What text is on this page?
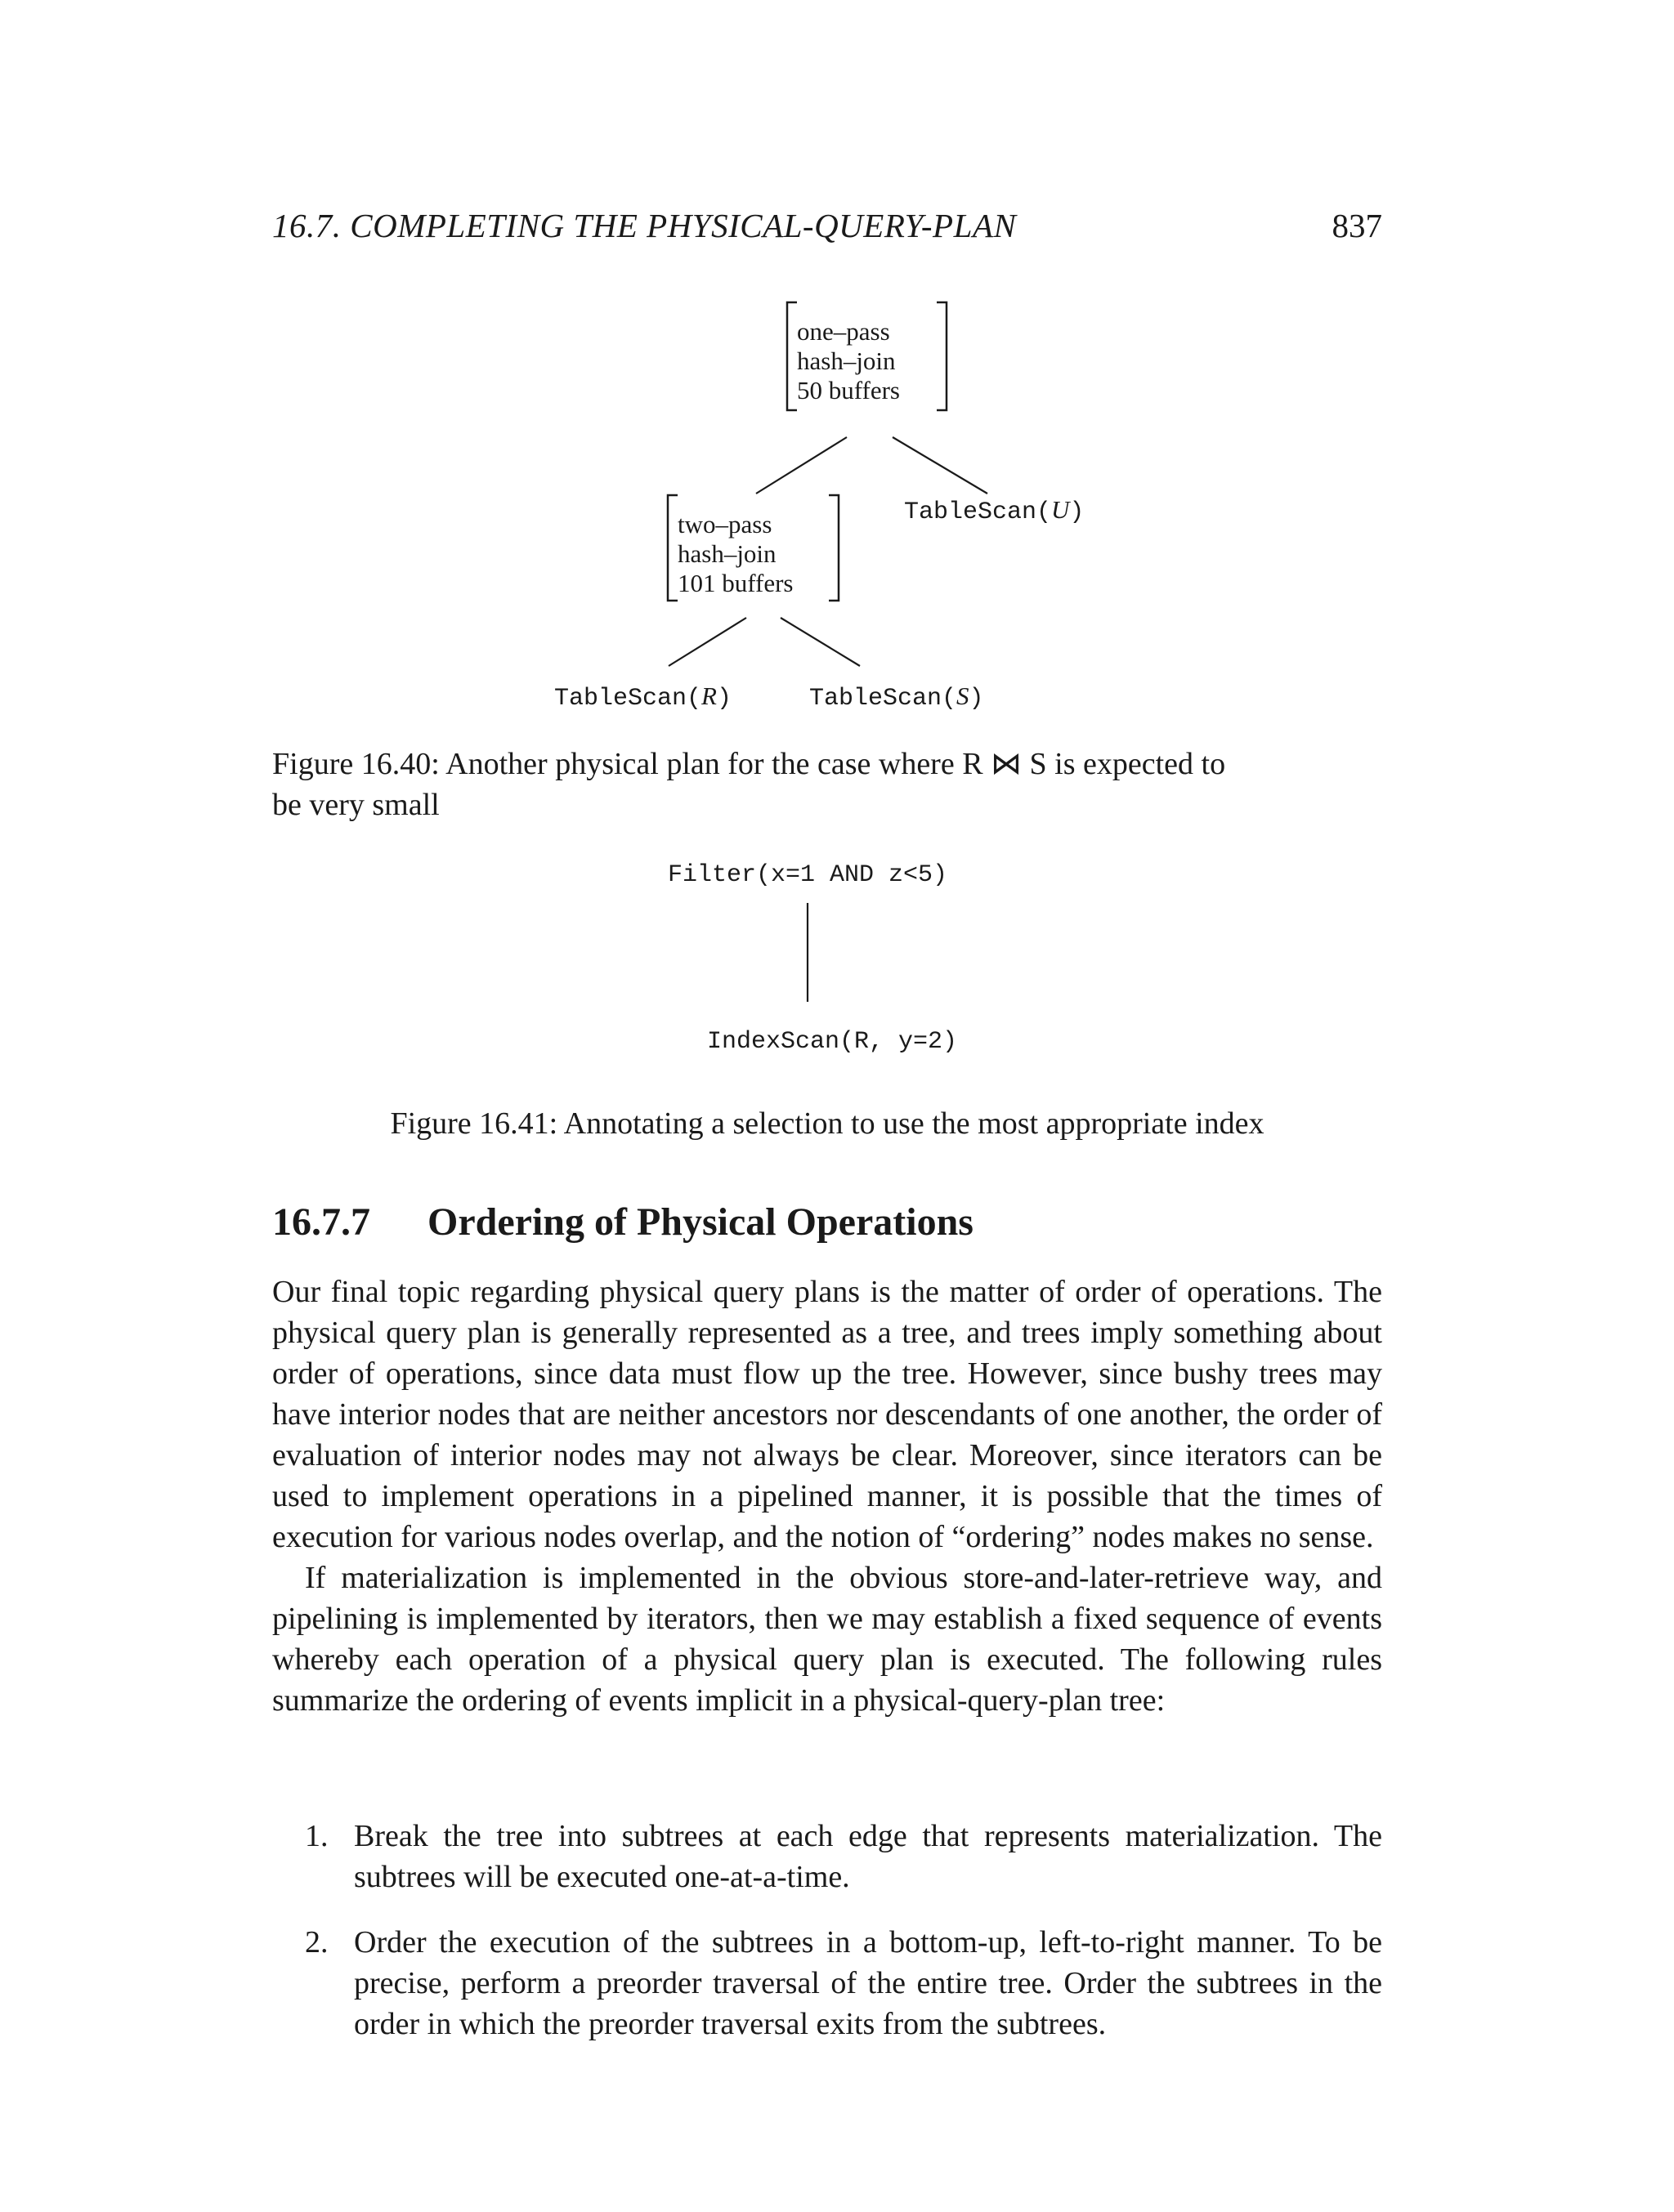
16.7. COMPLETING THE PHYSICAL-QUERY-PLAN	837
one–pass
hash–join
50 buffers
two–pass
hash–join
101 buffers
TableScan(U)
TableScan(R)	TableScan(S)
Figure 16.40: Another physical plan for the case where R ⋈ S is expected to
be very small
Filter(x=1 AND z<5)
IndexScan(R, y=2)
Figure 16.41: Annotating a selection to use the most appropriate index
16.7.7 Ordering of Physical Operations

Our final topic regarding physical query plans is the matter of order of operations. The physical query plan is generally represented as a tree, and trees imply something about order of operations, since data must flow up the tree. However, since bushy trees may have interior nodes that are neither ancestors nor descendants of one another, the order of evaluation of interior nodes may not always be clear. Moreover, since iterators can be used to implement operations in a pipelined manner, it is possible that the times of execution for various nodes overlap, and the notion of “ordering” nodes makes no sense.

If materialization is implemented in the obvious store-and-later-retrieve way, and pipelining is implemented by iterators, then we may establish a fixed sequence of events whereby each operation of a physical query plan is executed. The following rules summarize the ordering of events implicit in a physical-query-plan tree:

1. Break the tree into subtrees at each edge that represents materialization. The subtrees will be executed one-at-a-time.
2. Order the execution of the subtrees in a bottom-up, left-to-right manner. To be precise, perform a preorder traversal of the entire tree. Order the subtrees in the order in which the preorder traversal exits from the subtrees.
